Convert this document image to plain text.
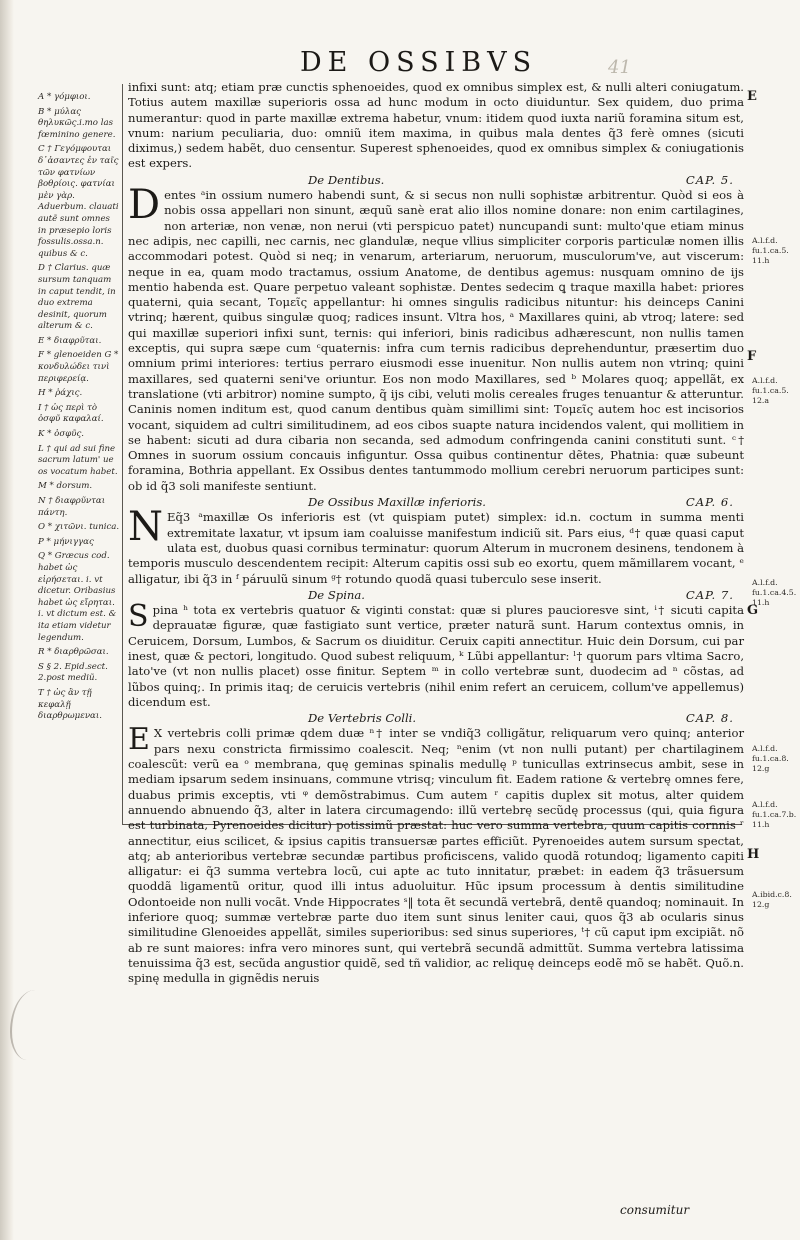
DE OSSIBVS	41
A * γόμφιοι.
B * μύλας θηλυκῶς.i.mo las fœminino genere.
C † Γεγόμφουται δ᾽ἀσαντες ἐν ταῖς τῶν φατνίων βοθρίοις. φατνίαι μὲν γὰρ. Aduerbum. clauati autẽ sunt omnes in præsepio loris fossulis.ossa.n. quibus & c.
D † Clarius. quæ sursum tanquam in caput tendit, in duo extrema desinit, quorum alterum & c.
E * διαφρῦται.
F * glenoeiden G * κονδυλώδει τινὶ περιφερείᾳ.
H * ῥάχις.
I † ὡς περὶ τὸ ὀσφῦ καφαλαί.
K * ὀσφῦς.
L † qui ad sui fine sacrum latum' ue os vocatum habet.
M * dorsum.
N † διαφρῦνται πάντη.
O * χιτῶνι. tunica.
P * μήνιγγας
Q * Græcus cod. habet ὡς εἰρήσεται. i. vt dicetur. Oribasius habet ὡς εἴρηται. i. vt dictum est. & ita etiam videtur legendum.
R * διαρθρῶσαι.
S § 2. Epid.sect. 2.post mediũ.
T † ὡς ἂν τῇ κεφαλῇ διαρθρωμεναι.
A.l.f.d. fu.1.ca.5. 11.h
A.l.f.d. fu.1.ca.5. 12.a
A.l.f.d. fu.1.ca.4.5. 11.h
A.l.f.d. fu.1.ca.8. 12.g
A.l.f.d. fu.1.ca.7.b. 11.h
A.ibid.c.8. 12.g
E
F
G
H
infixi sunt: atq; etiam præ cunctis sphenoeides, quod ex omnibus simplex est, & nulli alteri coniugatum. Totius autem maxillæ superioris ossa ad hunc modum in octo diuiduntur. Sex quidem, duo prima numerantur: quod in parte maxillæ extrema habetur, vnum: itidem quod iuxta nariũ foramina situm est, vnum: narium peculiaria, duo: omniũ item maxima, in quibus mala dentes q̃3 ferè omnes (sicuti diximus,) sedem habẽt, duo censentur. Superest sphenoeides, quod ex omnibus simplex & coniugationis est expers.
De Dentibus.	CAP. 5.
D entes ᵃin ossium numero habendi sunt, & si secus non nulli sophistæ arbitrentur. Quòd si eos à nobis ossa appellari non sinunt, æquũ sanè erat alio illos nomine donare: non enim cartilagines, non arteriæ, non venæ, non nerui (vti perspicuo patet) nuncupandi sunt: multo'que etiam minus nec adipis, nec capilli, nec carnis, nec glandulæ, neque vllius simpliciter corporis particulæ nomen illis accommodari potest. Quòd si neq; in venarum, arteriarum, neruorum, musculorum've, aut viscerum: neque in ea, quam modo tractamus, ossium Anatome, de dentibus agemus: nusquam omnino de ijs mentio habenda est. Quare perpetuo valeant sophistæ. Dentes sedecim ꝗ traque maxilla habet: priores quaterni, quia secant, Τομεῖς appellantur: hi omnes singulis radicibus nituntur: his deinceps Canini vtrinq; hærent, quibus singulæ quoq; radices insunt. Vltra hos, ᵃ Maxillares quini, ab vtroq; latere: sed qui maxillæ superiori infixi sunt, ternis: qui inferiori, binis radicibus adhærescunt, non nullis tamen exceptis, qui supra sæpe cum ᶜquaternis: infra cum ternis radicibus deprehenduntur, præsertim duo omnium primi interiores: tertius perraro eiusmodi esse inuenitur. Non nullis autem non vtrinq; quini maxillares, sed quaterni seni've oriuntur. Eos non modo Maxillares, sed ᵇ Molares quoq; appellãt, ex translatione (vti arbitror) nomine sumpto, q̃ ijs cibi, veluti molis cereales fruges tenuantur & atteruntur. Caninis nomen inditum est, quod canum dentibus quàm simillimi sint: Τομεῖς autem hoc est incisorios vocant, siquidem ad cultri similitudinem, ad eos cibos suapte natura incidendos valent, qui mollitiem in se habent: sicuti ad dura cibaria non secanda, sed admodum confringenda canini constituti sunt. ᶜ† Omnes in suorum ossium concauis infiguntur. Ossa quibus continentur dẽtes, Phatnia: quæ subeunt foramina, Bothria appellant. Ex Ossibus dentes tantummodo mollium cerebri neruorum participes sunt: ob id q̃3 soli manifeste sentiunt.
De Ossibus Maxillæ inferioris.	CAP. 6.
N Eq̃3 ᵃmaxillæ Os inferioris est (vt quispiam putet) simplex: id.n. coctum in summa menti extremitate laxatur, vt ipsum iam coaluisse manifestum indiciũ sit. Pars eius, ᵈ† quæ quasi caput ulata est, duobus quasi cornibus terminatur: quorum Alterum in mucronem desinens, tendonem à temporis musculo descendentem recipit: Alterum capitis ossi sub eo exortu, quem mãmillarem vocant, ᵉ alligatur, ibi q̃3 in ᶠ páruulũ sinum ᵍ† rotundo quodã quasi tuberculo sese inserit.
De Spina.	CAP. 7.
S pina ʰ tota ex vertebris quatuor & viginti constat: quæ si plures paucioresve sint, ⁱ† sicuti capita deprauatæ figuræ, quæ fastigiato sunt vertice, præter naturã sunt. Harum contextus omnis, in Ceruicem, Dorsum, Lumbos, & Sacrum os diuiditur. Ceruix capiti annectitur. Huic dein Dorsum, cui par inest, quæ & pectori, longitudo. Quod subest reliquum, ᵏ Lũbi appellantur: ˡ† quorum pars vltima Sacro, lato've (vt non nullis placet) osse finitur. Septem ᵐ in collo vertebræ sunt, duodecim ad ⁿ cõstas, ad lũbos quinq;. In primis itaq; de ceruicis vertebris (nihil enim refert an ceruicem, collum've appellemus) dicendum est.
De Vertebris Colli.	CAP. 8.
E X vertebris colli primæ qdem duæ ⁿ† inter se vndiq̃3 colligãtur, reliquarum vero quinq; anterior pars nexu constricta firmissimo coalescit. Neq; ⁿenim (vt non nulli putant) per chartilaginem coalescũt: verũ ea ᵒ membrana, quę geminas spinalis medullę ᵖ tunicullas extrinsecus ambit, sese in mediam ipsarum sedem insinuans, commune vtrisq; vinculum fit. Eadem ratione & vertebrę omnes fere, duabus primis exceptis, vti ᵠ demõstrabimus. Cum autem ʳ capitis duplex sit motus, alter quidem annuendo abnuendo q̃3, alter in latera circumagendo: illũ vertebrę secũdę processus (qui, quia figura est turbinata, Pyrenoeides dicitur) potissimũ præstat: huc vero summa vertebra, quum capitis cornnis ʳ annectitur, eius scilicet, & ipsius capitis transuersæ partes efficiũt. Pyrenoeides autem sursum spectat, atq; ab anterioribus vertebræ secundæ partibus proficiscens, valido quodã rotundoq; ligamento capiti alligatur: ei q̃3 summa vertebra locũ, cui apte ac tuto innitatur, præbet: in eadem q̃3 trãsuersum quoddã ligamentũ oritur, quod illi intus aduoluitur. Hũc ipsum processum à dentis similitudine Odontoeide non nulli vocãt. Vnde Hippocrates ˢ‖ tota ẽt secundã vertebrã, dentẽ quandoq; nominauit. In inferiore quoq; summæ vertebræ parte duo item sunt sinus leniter caui, quos q̃3 ab ocularis sinus similitudine Glenoeides appellãt, similes superioribus: sed sinus superiores, ᵗ† cũ caput ipm excipiãt. nõ ab re sunt maiores: infra vero minores sunt, qui vertebrã secundã admittũt. Summa vertebra latissima tenuissima q̃3 est, secũda angustior quidẽ, sed tñ validior, ac reliquę deinceps eodẽ mõ se habẽt. Quõ.n. spinę medulla in gignẽdis neruis
consumitur
